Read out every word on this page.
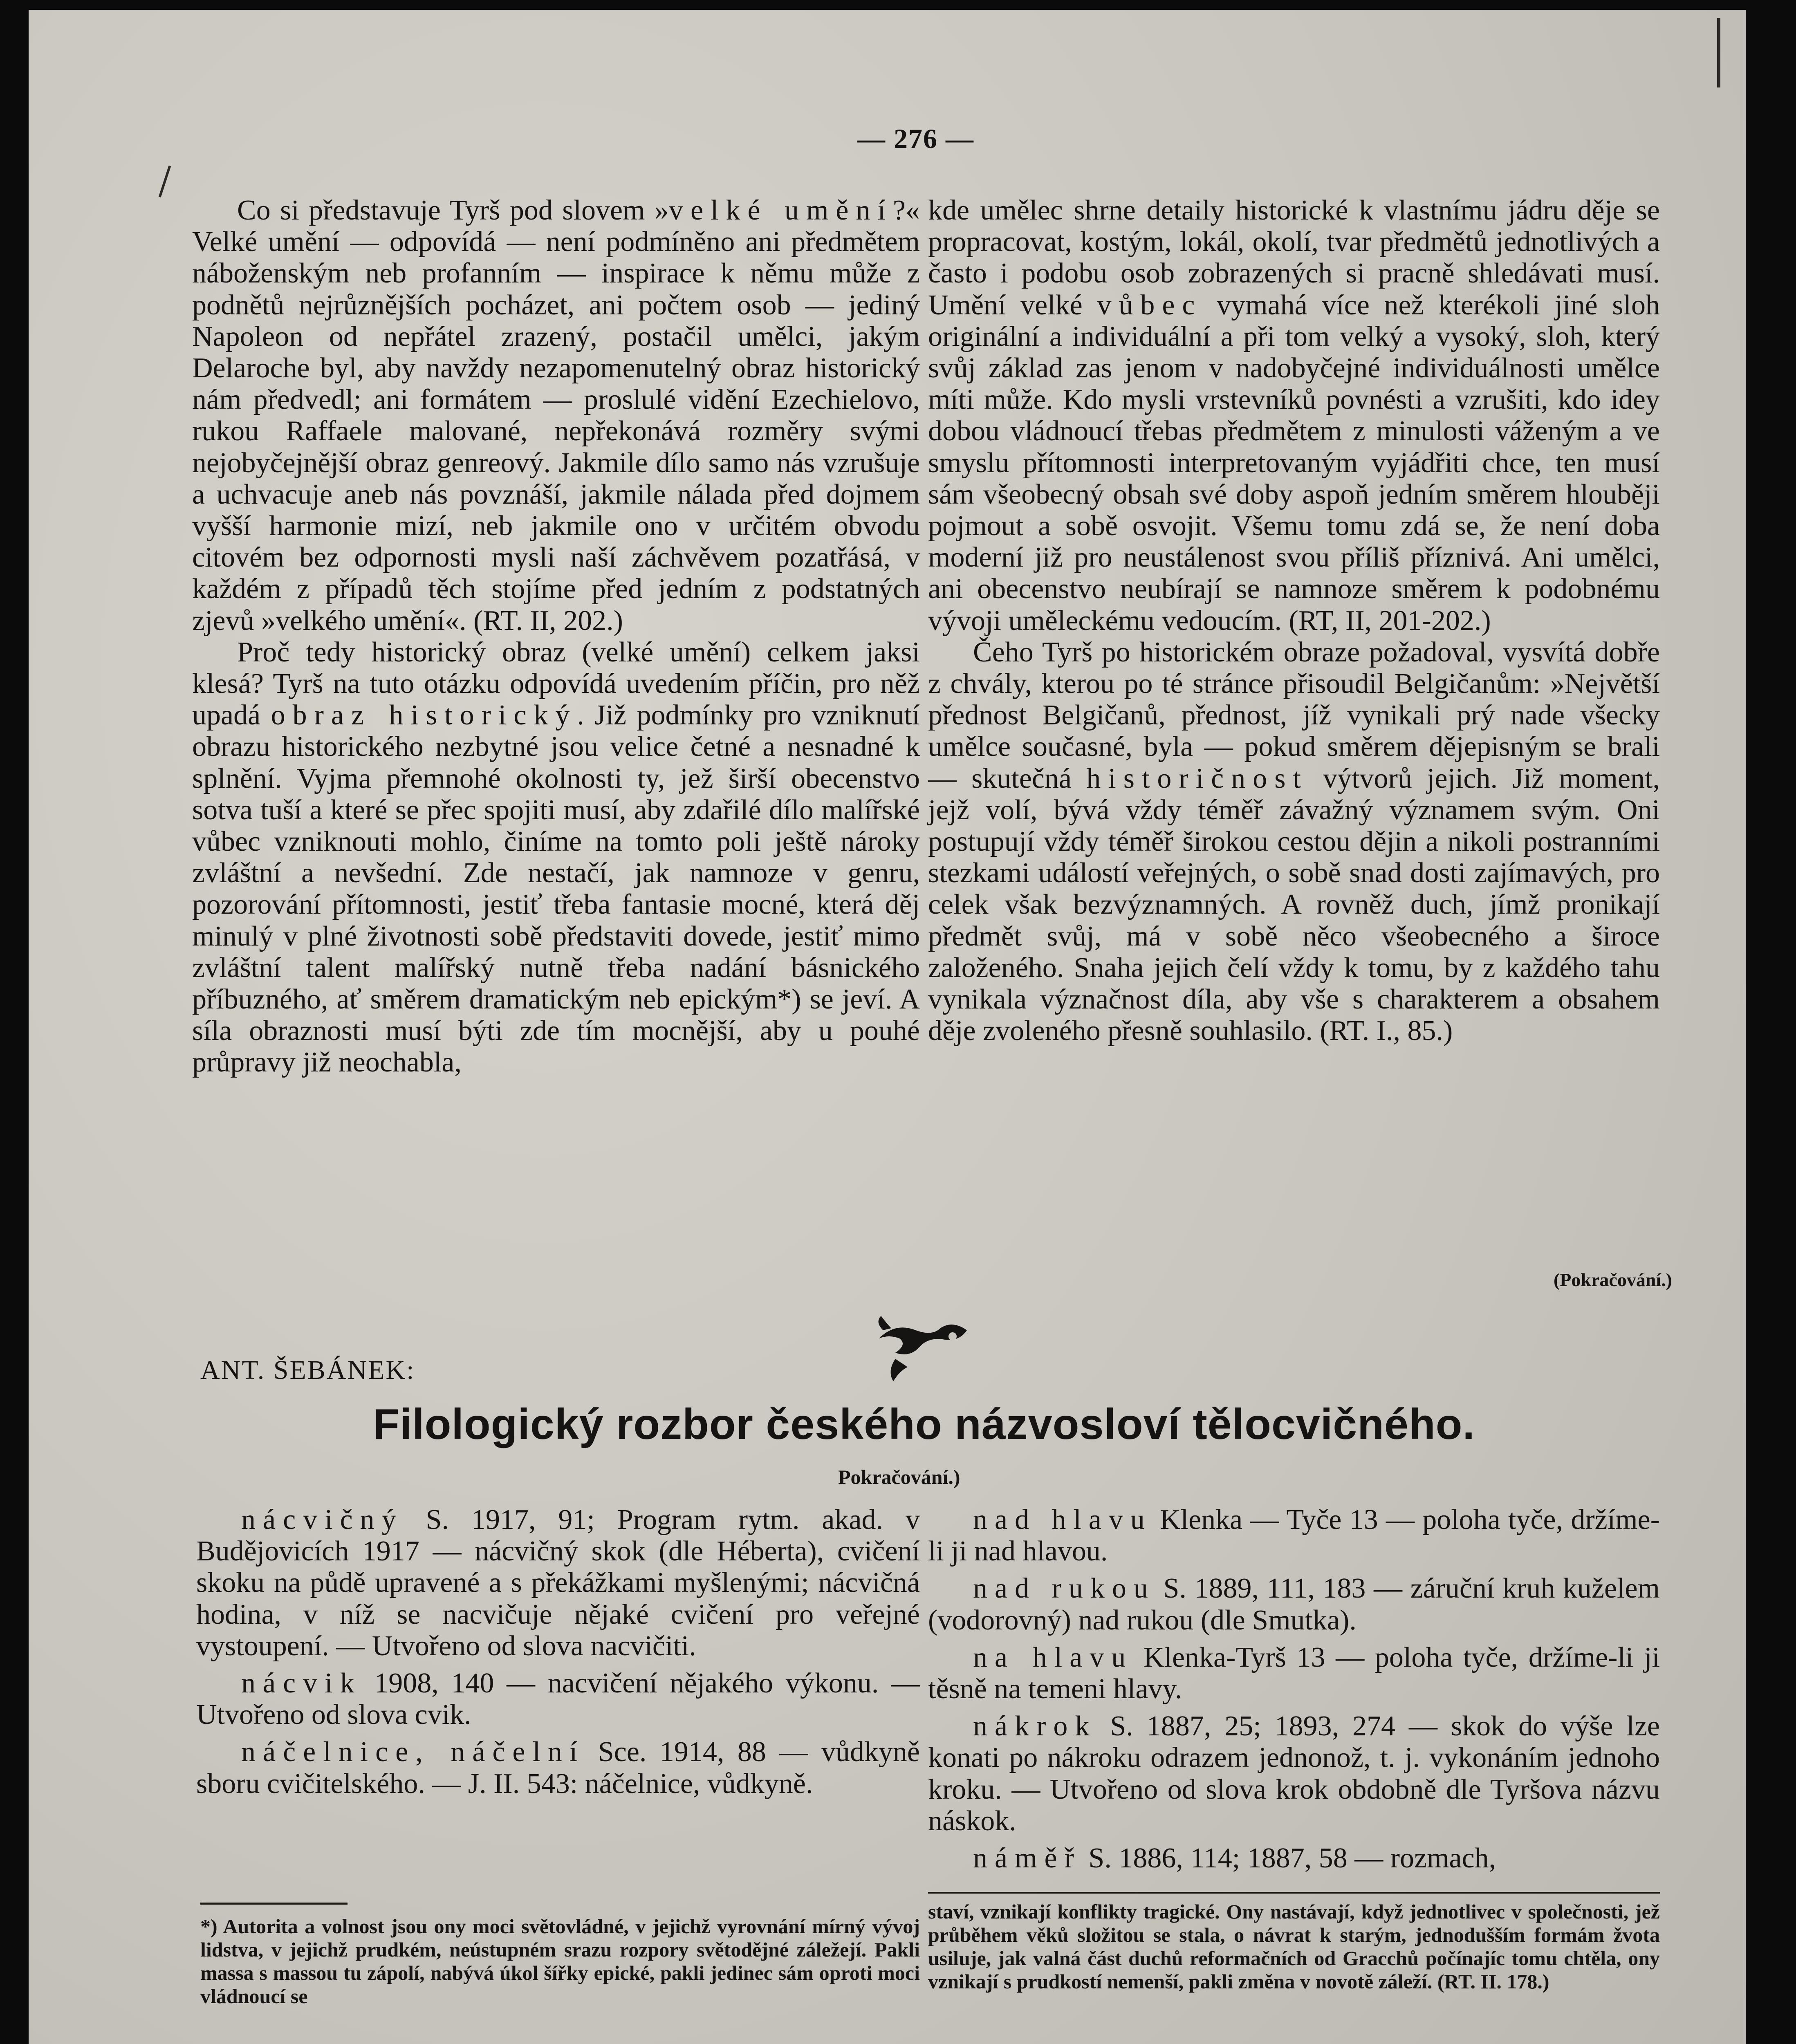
— 276 —

Co si představuje Tyrš pod slovem »velké umění?« Velké umění — odpovídá — není podmíněno ani předmětem náboženským neb profanním — inspirace k němu může z podnětů nejrůznějších pocházet, ani počtem osob — jediný Napoleon od nepřátel zrazený, postačil umělci, jakým Delaroche byl, aby navždy nezapomenutelný obraz historický nám předvedl; ani formátem — proslulé vidění Ezechielovo, rukou Raffaele malované, nepřekonává rozměry svými nejobyčejnější obraz genreový. Jakmile dílo samo nás vzrušuje a uchvacuje aneb nás povznáší, jakmile nálada před dojmem vyšší harmonie mizí, neb jakmile ono v určitém obvodu citovém bez odpornosti mysli naší záchvěvem pozatřásá, v každém z případů těch stojíme před jedním z podstatných zjevů »velkého umění«. (RT. II, 202.)

Proč tedy historický obraz (velké umění) celkem jaksi klesá? Tyrš na tuto otázku odpovídá uvedením příčin, pro něž upadá obraz historický. Již podmínky pro vzniknutí obrazu historického nezbytné jsou velice četné a nesnadné k splnění. Vyjma přemnohé okolnosti ty, jež širší obecenstvo sotva tuší a které se přec spojiti musí, aby zdařilé dílo malířské vůbec vzniknouti mohlo, činíme na tomto poli ještě nároky zvláštní a nevšední. Zde nestačí, jak namnoze v genru, pozorování přítomnosti, jestiť třeba fantasie mocné, která děj minulý v plné životnosti sobě představiti dovede, jestiť mimo zvláštní talent malířský nutně třeba nadání básnického příbuzného, ať směrem dramatickým neb epickým*) se jeví. A síla obraznosti musí býti zde tím mocnější, aby u pouhé průpravy již neochabla,

kde umělec shrne detaily historické k vlastnímu jádru děje se propracovat, kostým, lokál, okolí, tvar předmětů jednotlivých a často i podobu osob zobrazených si pracně shledávati musí. Umění velké vůbec vymahá více než kterékoli jiné sloh originální a individuální a při tom velký a vysoký, sloh, který svůj základ zas jenom v nadobyčejné individuálnosti umělce míti může. Kdo mysli vrstevníků povnésti a vzrušiti, kdo idey dobou vládnoucí třebas předmětem z minulosti váženým a ve smyslu přítomnosti interpretovaným vyjádřiti chce, ten musí sám všeobecný obsah své doby aspoň jedním směrem hlouběji pojmout a sobě osvojit. Všemu tomu zdá se, že není doba moderní již pro neustálenost svou příliš příznivá. Ani umělci, ani obecenstvo neubírají se namnoze směrem k podobnému vývoji uměleckému vedoucím. (RT, II, 201-202.)

Čeho Tyrš po historickém obraze požadoval, vysvítá dobře z chvály, kterou po té stránce přisoudil Belgičanům: »Největší přednost Belgičanů, přednost, jíž vynikali prý nade všecky umělce současné, byla — pokud směrem dějepisným se brali — skutečná historičnost výtvorů jejich. Již moment, jejž volí, bývá vždy téměř závažný významem svým. Oni postupují vždy téměř širokou cestou dějin a nikoli postranními stezkami událostí veřejných, o sobě snad dosti zajímavých, pro celek však bezvýznamných. A rovněž duch, jímž pronikají předmět svůj, má v sobě něco všeobecného a široce založeného. Snaha jejich čelí vždy k tomu, by z každého tahu vynikala význačnost díla, aby vše s charakterem a obsahem děje zvoleného přesně souhlasilo. (RT. I., 85.)

(Pokračování.)
ANT. ŠEBÁNEK:
Filologický rozbor českého názvosloví tělocvičného.
Pokračování.)

nácvičný S. 1917, 91; Program rytm. akad. v Budějovicích 1917 — nácvičný skok (dle Héberta), cvičení skoku na půdě upravené a s překážkami myšlenými; nácvičná hodina, v níž se nacvičuje nějaké cvičení pro veřejné vystoupení. — Utvořeno od slova nacvičiti.

nácvik 1908, 140 — nacvičení nějakého výkonu. — Utvořeno od slova cvik.

náčelnice, náčelní Sce. 1914, 88 — vůdkyně sboru cvičitelského. — J. II. 543: náčelnice, vůdkyně.

nad hlavu Klenka — Tyče 13 — poloha tyče, držíme-li ji nad hlavou.

nad rukou S. 1889, 111, 183 — záruční kruh kuželem (vodorovný) nad rukou (dle Smutka).

na hlavu Klenka-Tyrš 13 — poloha tyče, držíme-li ji těsně na temeni hlavy.

nákrok S. 1887, 25; 1893, 274 — skok do výše lze konati po nákroku odrazem jednonož, t. j. vykonáním jednoho kroku. — Utvořeno od slova krok obdobně dle Tyršova názvu náskok.

náměř S. 1886, 114; 1887, 58 — rozmach,

*) Autorita a volnost jsou ony moci světovládné, v jejichž vyrovnání mírný vývoj lidstva, v jejichž prudkém, neústupném srazu rozpory světodějné záležejí. Pakli massa s massou tu zápolí, nabývá úkol šířky epické, pakli jedinec sám oproti moci vládnoucí se

staví, vznikají konflikty tragické. Ony nastávají, když jednotlivec v společnosti, jež průběhem věků složitou se stala, o návrat k starým, jednodušším formám žvota usiluje, jak valná část duchů reformačních od Gracchů počínajíc tomu chtěla, ony vznikají s prudkostí nemenší, pakli změna v novotě záleží. (RT. II. 178.)
